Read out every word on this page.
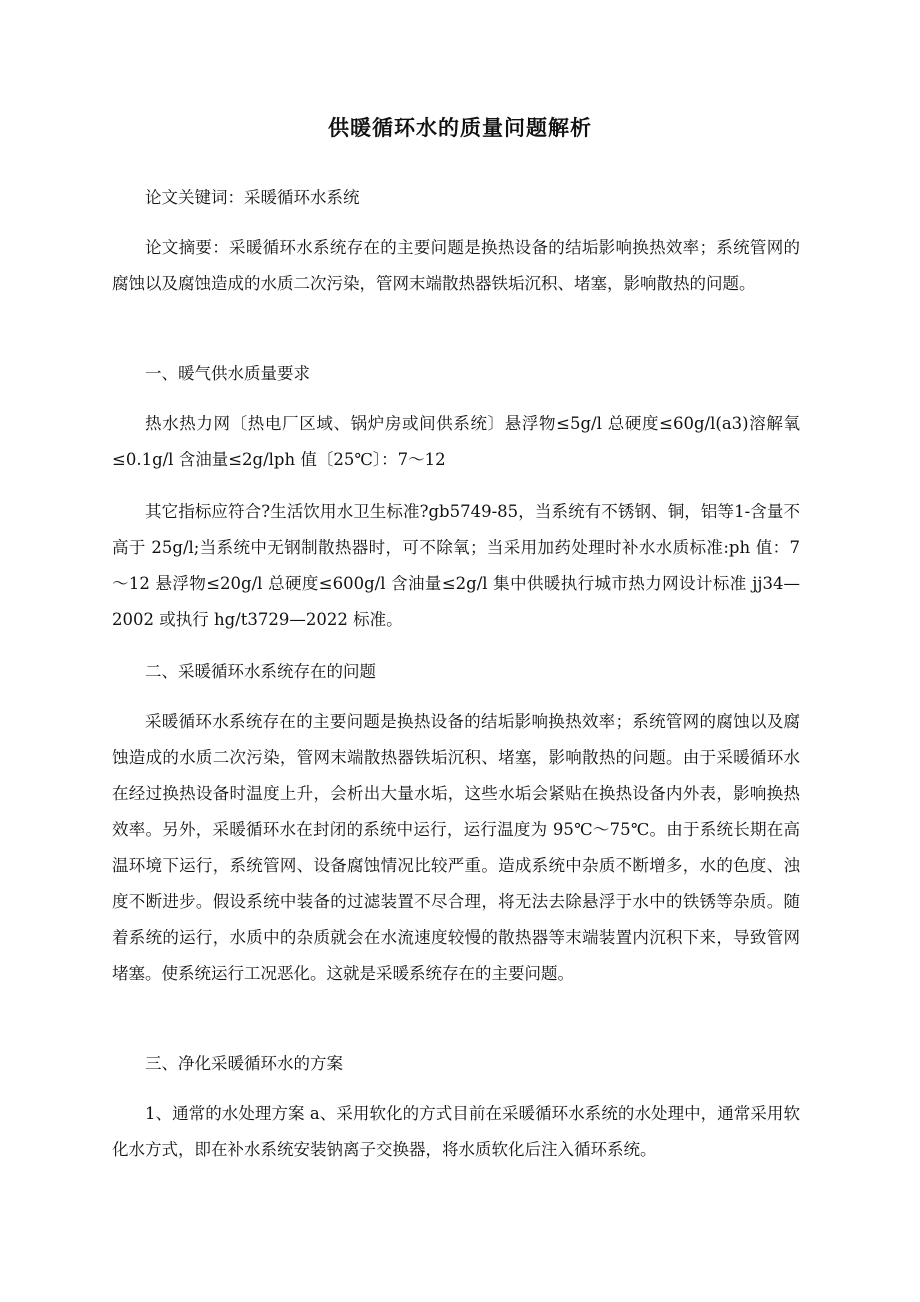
供暖循环水的质量问题解析

论文关键词：采暖循环水系统

论文摘要：采暖循环水系统存在的主要问题是换热设备的结垢影响换热效率；系统管网的腐蚀以及腐蚀造成的水质二次污染，管网末端散热器铁垢沉积、堵塞，影响散热的问题。

一、暖气供水质量要求

热水热力网〔热电厂区域、锅炉房或间供系统〕悬浮物≤5g/l 总硬度≤60g/l(a3)溶解氧≤0.1g/l 含油量≤2g/lph 值〔25℃〕：7～12

其它指标应符合?生活饮用水卫生标准?gb5749-85，当系统有不锈钢、铜，铝等1-含量不高于 25g/l;当系统中无钢制散热器时，可不除氧；当采用加药处理时补水水质标准:ph 值：7～12 悬浮物≤20g/l 总硬度≤600g/l 含油量≤2g/l 集中供暖执行城市热力网设计标准 jj34—2002 或执行 hg/t3729—2022 标准。

二、采暖循环水系统存在的问题

采暖循环水系统存在的主要问题是换热设备的结垢影响换热效率；系统管网的腐蚀以及腐蚀造成的水质二次污染，管网末端散热器铁垢沉积、堵塞，影响散热的问题。由于采暖循环水在经过换热设备时温度上升，会析出大量水垢，这些水垢会紧贴在换热设备内外表，影响换热效率。另外，采暖循环水在封闭的系统中运行，运行温度为 95℃～75℃。由于系统长期在高温环境下运行，系统管网、设备腐蚀情况比较严重。造成系统中杂质不断增多，水的色度、浊度不断进步。假设系统中装备的过滤装置不尽合理，将无法去除悬浮于水中的铁锈等杂质。随着系统的运行，水质中的杂质就会在水流速度较慢的散热器等末端装置内沉积下来，导致管网堵塞。使系统运行工况恶化。这就是采暖系统存在的主要问题。

三、净化采暖循环水的方案

1、通常的水处理方案 a、采用软化的方式目前在采暖循环水系统的水处理中，通常采用软化水方式，即在补水系统安装钠离子交换器，将水质软化后注入循环系统。
